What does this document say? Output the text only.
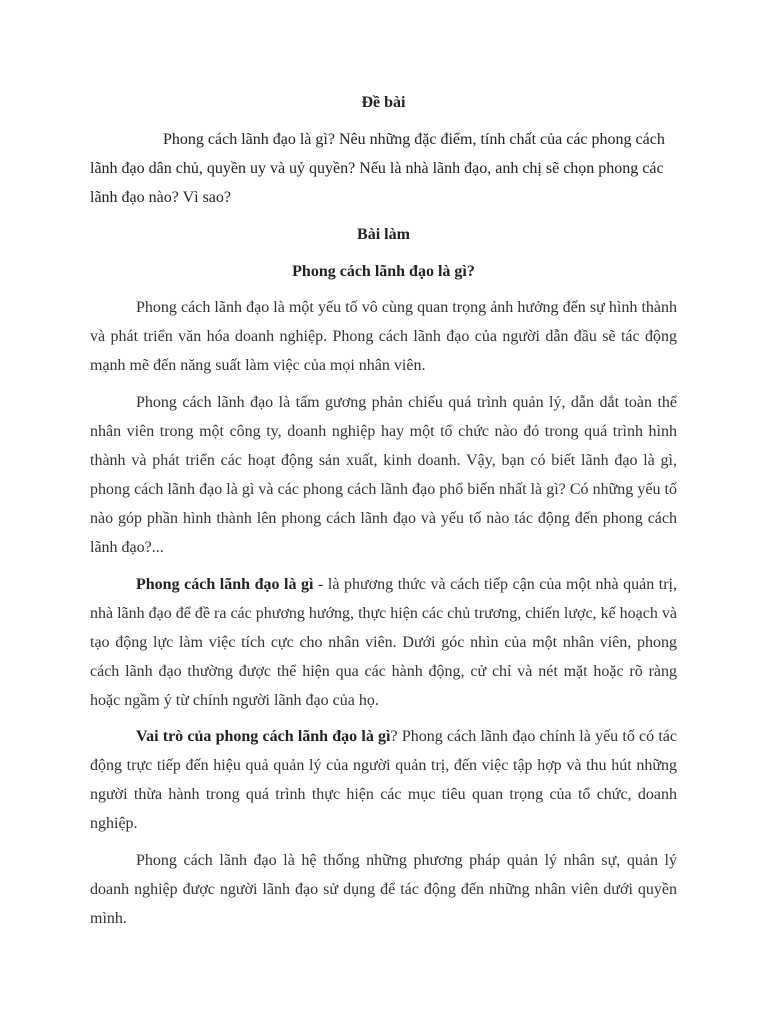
Đề bài

Phong cách lãnh đạo là gì? Nêu những đặc điểm, tính chất của các phong cách lãnh đạo dân chủ, quyền uy và uỷ quyền? Nếu là nhà lãnh đạo, anh chị sẽ chọn phong các lãnh đạo nào? Vì sao?

Bài làm
Phong cách lãnh đạo là gì?

Phong cách lãnh đạo là một yếu tố vô cùng quan trọng ảnh hưởng đến sự hình thành và phát triển văn hóa doanh nghiệp. Phong cách lãnh đạo của người dẫn đầu sẽ tác động mạnh mẽ đến năng suất làm việc của mọi nhân viên.

Phong cách lãnh đạo là tấm gương phản chiếu quá trình quản lý, dẫn dắt toàn thể nhân viên trong một công ty, doanh nghiệp hay một tổ chức nào đó trong quá trình hình thành và phát triển các hoạt động sản xuất, kinh doanh. Vậy, bạn có biết lãnh đạo là gì, phong cách lãnh đạo là gì và các phong cách lãnh đạo phổ biến nhất là gì? Có những yếu tố nào góp phần hình thành lên phong cách lãnh đạo và yếu tố nào tác động đến phong cách lãnh đạo?...

Phong cách lãnh đạo là gì - là phương thức và cách tiếp cận của một nhà quản trị, nhà lãnh đạo để đề ra các phương hướng, thực hiện các chủ trương, chiến lược, kế hoạch và tạo động lực làm việc tích cực cho nhân viên. Dưới góc nhìn của một nhân viên, phong cách lãnh đạo thường được thể hiện qua các hành động, cử chỉ và nét mặt hoặc rõ ràng hoặc ngầm ý từ chính người lãnh đạo của họ.

Vai trò của phong cách lãnh đạo là gì? Phong cách lãnh đạo chính là yếu tố có tác động trực tiếp đến hiệu quả quản lý của người quản trị, đến việc tập hợp và thu hút những người thừa hành trong quá trình thực hiện các mục tiêu quan trọng của tổ chức, doanh nghiệp.

Phong cách lãnh đạo là hệ thống những phương pháp quản lý nhân sự, quản lý doanh nghiệp được người lãnh đạo sử dụng để tác động đến những nhân viên dưới quyền mình.
